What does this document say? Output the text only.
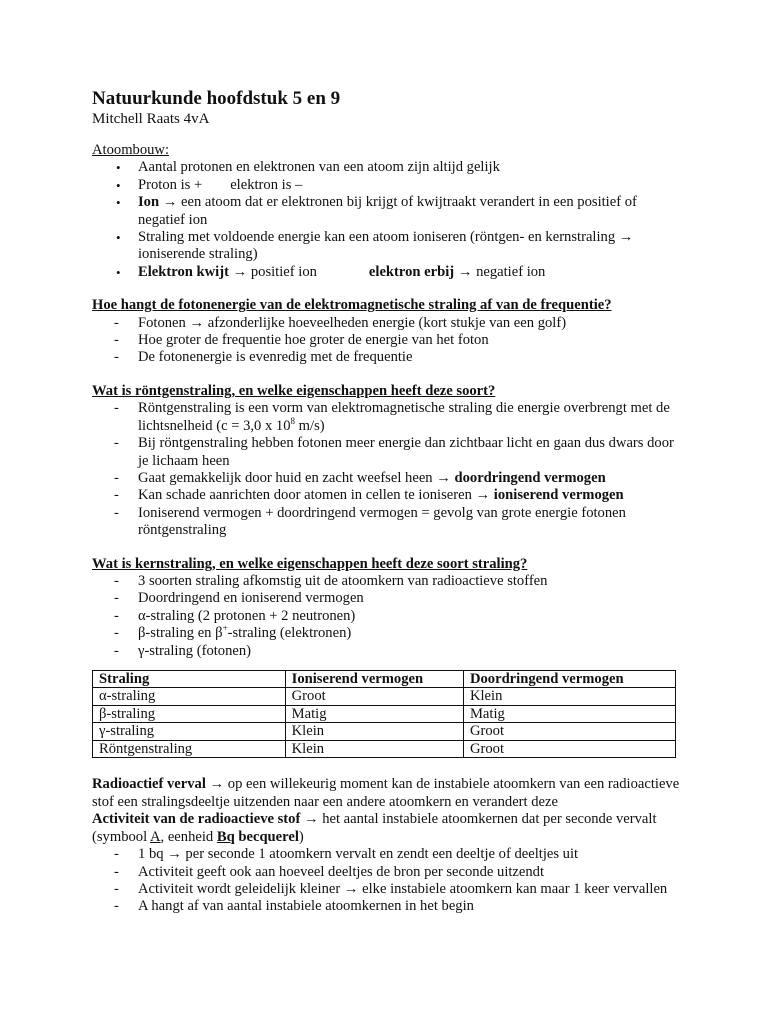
Natuurkunde hoofdstuk 5 en 9
Mitchell Raats 4vA

Atoombouw:

• Aantal protonen en elektronen van een atoom zijn altijd gelijk
• Proton is + elektron is –
• Ion → een atoom dat er elektronen bij krijgt of kwijtraakt verandert in een positief of negatief ion
• Straling met voldoende energie kan een atoom ioniseren (röntgen- en kernstraling → ioniserende straling)
• Elektron kwijt → positief ion	elektron erbij → negatief ion

Hoe hangt de fotonenergie van de elektromagnetische straling af van de frequentie?

- Fotonen → afzonderlijke hoeveelheden energie (kort stukje van een golf)
- Hoe groter de frequentie hoe groter de energie van het foton
- De fotonenergie is evenredig met de frequentie

Wat is röntgenstraling, en welke eigenschappen heeft deze soort?

- Röntgenstraling is een vorm van elektromagnetische straling die energie overbrengt met de lichtsnelheid (c = 3,0 x $10^8$ m/s)
- Bij röntgenstraling hebben fotonen meer energie dan zichtbaar licht en gaan dus dwars door je lichaam heen
- Gaat gemakkelijk door huid en zacht weefsel heen → doordringend vermogen
- Kan schade aanrichten door atomen in cellen te ioniseren → ioniserend vermogen
- Ioniserend vermogen + doordringend vermogen = gevolg van grote energie fotonen röntgenstraling

Wat is kernstraling, en welke eigenschappen heeft deze soort straling?

- 3 soorten straling afkomstig uit de atoomkern van radioactieve stoffen
- Doordringend en ioniserend vermogen
- α-straling (2 protonen + 2 neutronen)
- β-straling en β+-straling (elektronen)
- γ-straling (fotonen)
Straling	Ioniserend vermogen	Doordringend vermogen
α-straling	Groot	Klein
β-straling	Matig	Matig
γ-straling	Klein	Groot
Röntgenstraling	Klein	Groot

Radioactief verval → op een willekeurig moment kan de instabiele atoomkern van een radioactieve stof een stralingsdeeltje uitzenden naar een andere atoomkern en verandert deze

Activiteit van de radioactieve stof → het aantal instabiele atoomkernen dat per seconde vervalt (symbool A, eenheid Bq becquerel)

- 1 bq → per seconde 1 atoomkern vervalt en zendt een deeltje of deeltjes uit
- Activiteit geeft ook aan hoeveel deeltjes de bron per seconde uitzendt
- Activiteit wordt geleidelijk kleiner → elke instabiele atoomkern kan maar 1 keer vervallen
- A hangt af van aantal instabiele atoomkernen in het begin
